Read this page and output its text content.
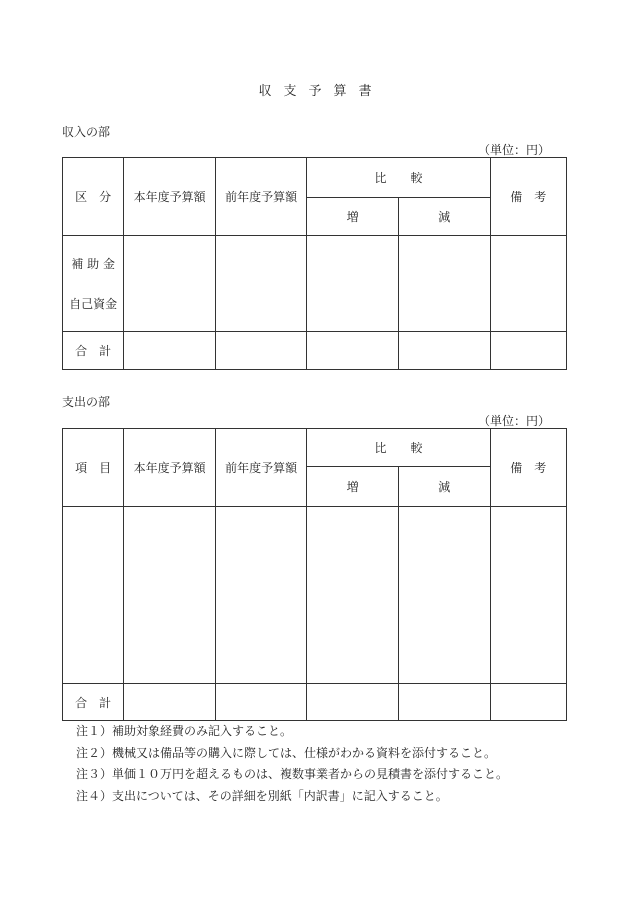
収支予算書
収入の部
（単位：円）
区　分	本年度予算額	前年度予算額	比　　較		備　考
			増	減	

補 助 金
自己資金					

合　計					
支出の部
（単位：円）
項　目	本年度予算額	前年度予算額	比　　較		備　考
			増	減	

合　計					
注１）補助対象経費のみ記入すること。
注２）機械又は備品等の購入に際しては、仕様がわかる資料を添付すること。
注３）単価１０万円を超えるものは、複数事業者からの見積書を添付すること。
注４）支出については、その詳細を別紙「内訳書」に記入すること。
